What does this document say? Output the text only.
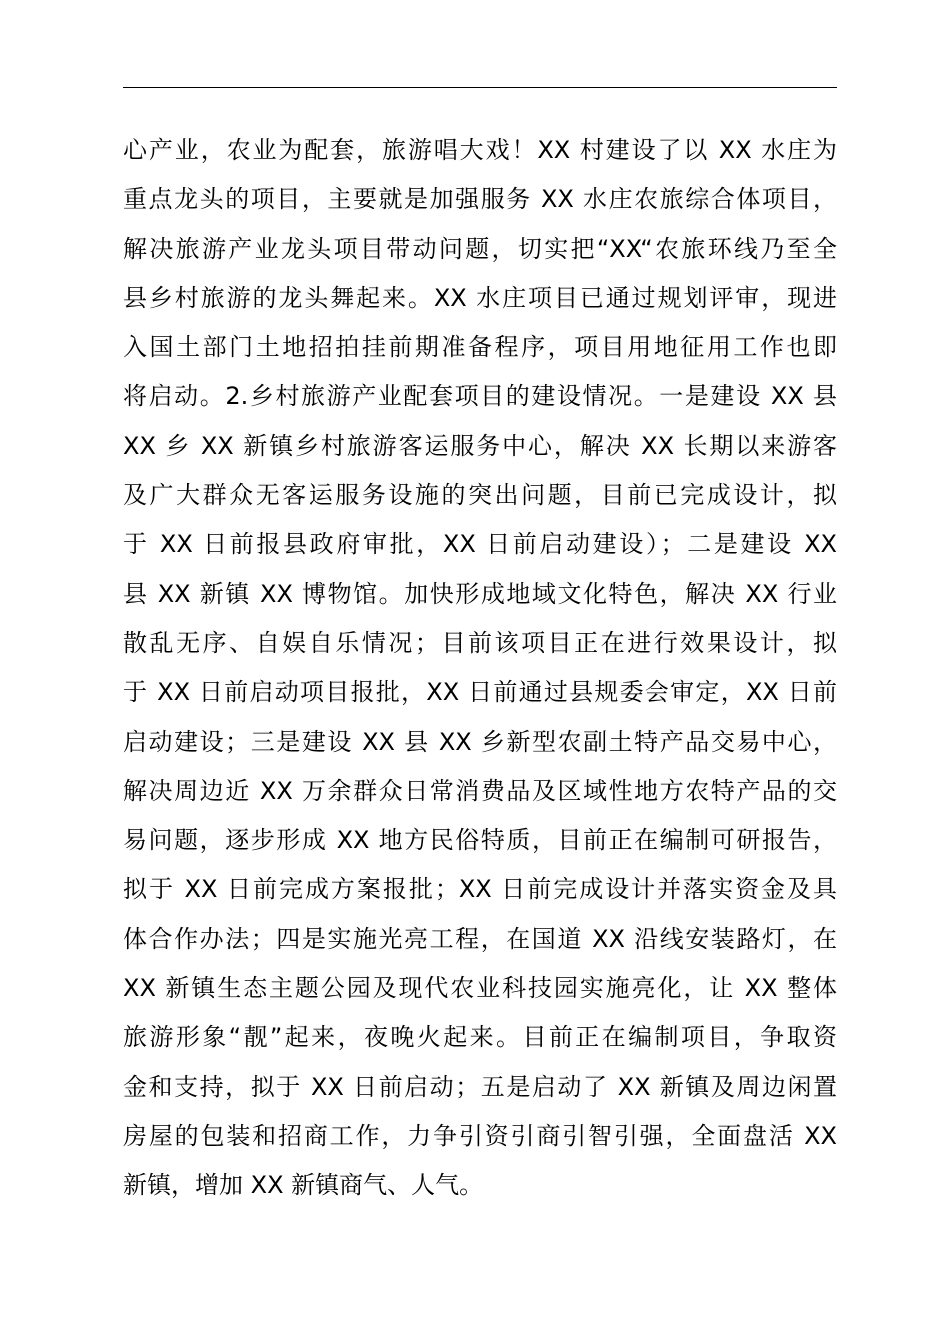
心产业，农业为配套，旅游唱大戏！XX 村建设了以 XX 水庄为
重点龙头的项目，主要就是加强服务 XX 水庄农旅综合体项目，
解决旅游产业龙头项目带动问题，切实把“XX“农旅环线乃至全
县乡村旅游的龙头舞起来。XX 水庄项目已通过规划评审，现进
入国土部门土地招拍挂前期准备程序，项目用地征用工作也即
将启动。2.乡村旅游产业配套项目的建设情况。一是建设 XX 县
XX 乡 XX 新镇乡村旅游客运服务中心，解决 XX 长期以来游客
及广大群众无客运服务设施的突出问题，目前已完成设计，拟
于 XX 日前报县政府审批，XX 日前启动建设）；二是建设 XX
县 XX 新镇 XX 博物馆。加快形成地域文化特色，解决 XX 行业
散乱无序、自娱自乐情况；目前该项目正在进行效果设计，拟
于 XX 日前启动项目报批，XX 日前通过县规委会审定，XX 日前
启动建设；三是建设 XX 县 XX 乡新型农副土特产品交易中心，
解决周边近 XX 万余群众日常消费品及区域性地方农特产品的交
易问题，逐步形成 XX 地方民俗特质，目前正在编制可研报告，
拟于 XX 日前完成方案报批；XX 日前完成设计并落实资金及具
体合作办法；四是实施光亮工程，在国道 XX 沿线安装路灯，在
XX 新镇生态主题公园及现代农业科技园实施亮化，让 XX 整体
旅游形象“靓”起来，夜晚火起来。目前正在编制项目，争取资
金和支持，拟于 XX 日前启动；五是启动了 XX 新镇及周边闲置
房屋的包装和招商工作，力争引资引商引智引强，全面盘活 XX
新镇，增加 XX 新镇商气、人气。
